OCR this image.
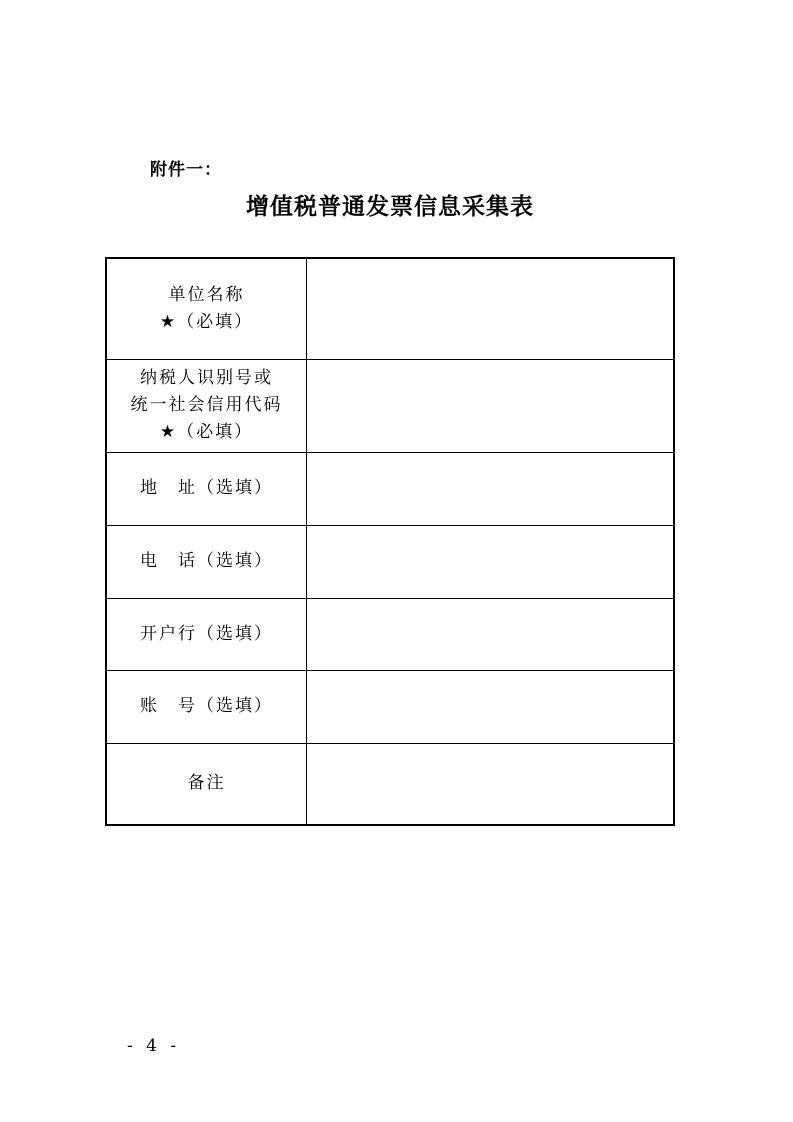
附件一：
增值税普通发票信息采集表
单位名称
★（必填）	

纳税人识别号或
统一社会信用代码
★（必填）	

地　址（选填）	

电　话（选填）	

开户行（选填）	

账　号（选填）	

备注	

- 4 -
